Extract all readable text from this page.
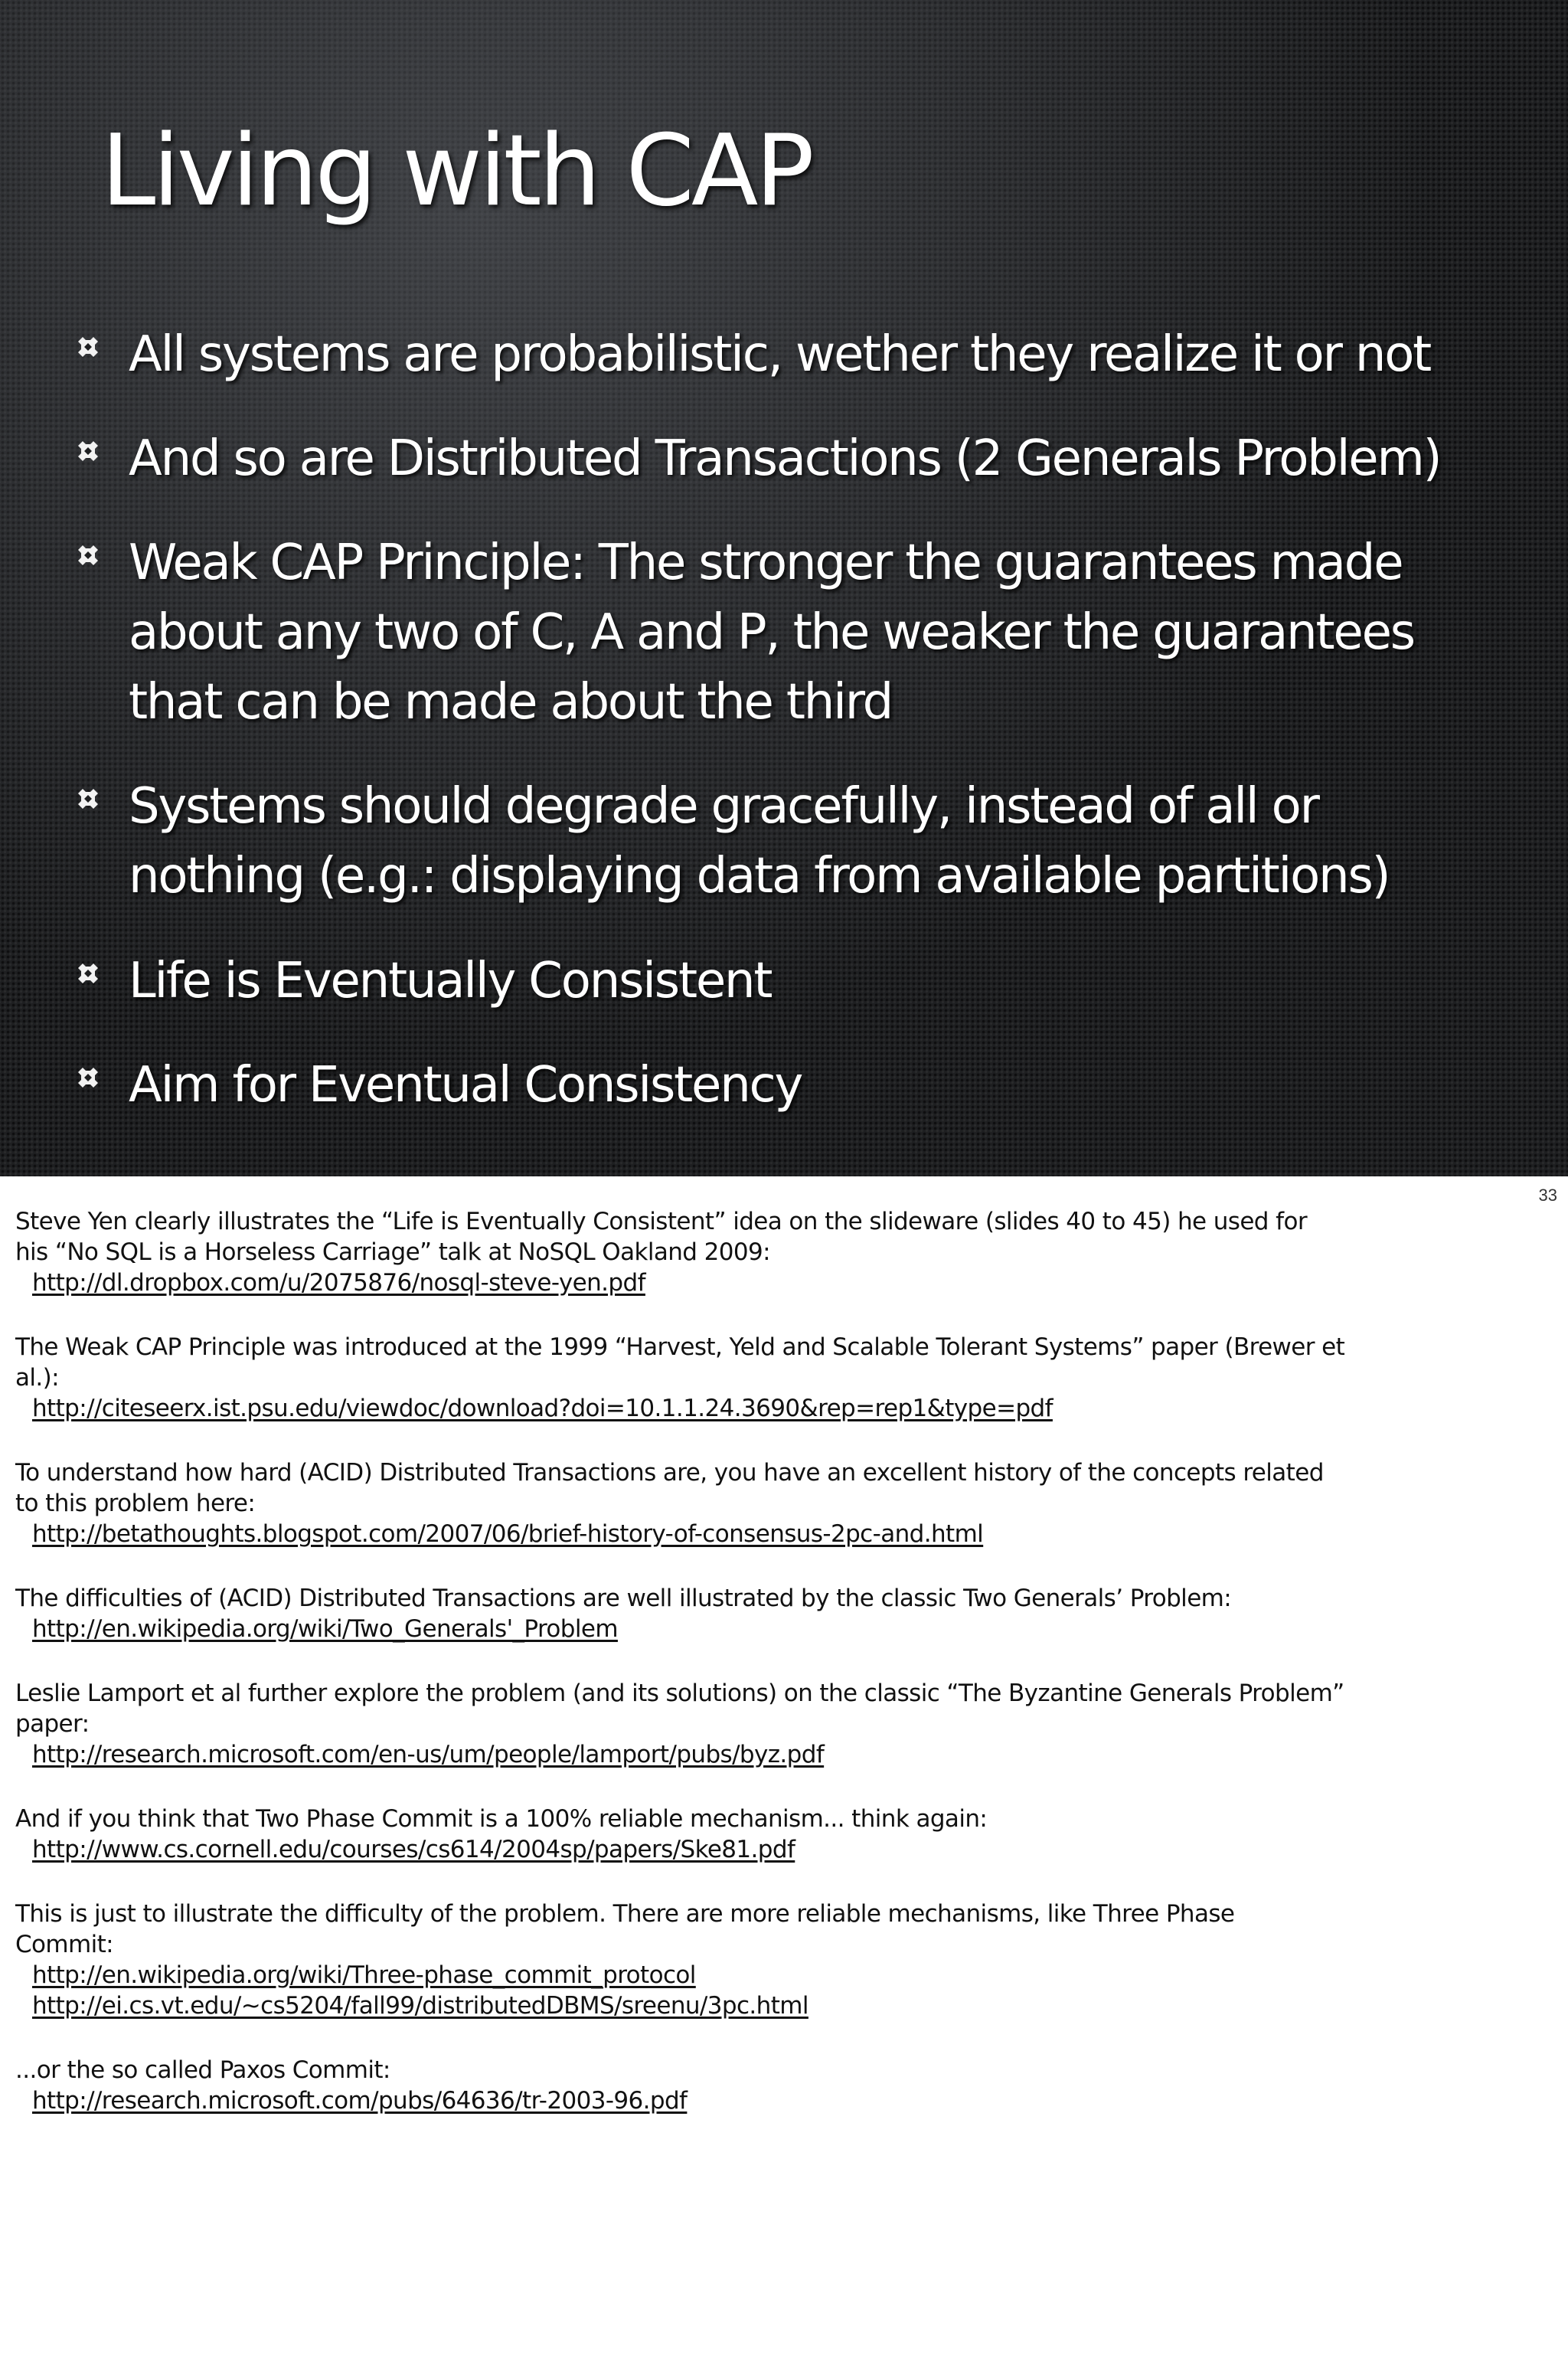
Living with CAP
All systems are probabilistic, wether they realize it or not
And so are Distributed Transactions (2 Generals Problem)
Weak CAP Principle: The stronger the guarantees made
about any two of C, A and P, the weaker the guarantees
that can be made about the third
Systems should degrade gracefully, instead of all or
nothing (e.g.: displaying data from available partitions)
Life is Eventually Consistent
Aim for Eventual Consistency
33
Steve Yen clearly illustrates the “Life is Eventually Consistent” idea on the slideware (slides 40 to 45) he used for
his “No SQL is a Horseless Carriage” talk at NoSQL Oakland 2009:
http://dl.dropbox.com/u/2075876/nosql-steve-yen.pdf
The Weak CAP Principle was introduced at the 1999 “Harvest, Yeld and Scalable Tolerant Systems” paper (Brewer et
al.):
http://citeseerx.ist.psu.edu/viewdoc/download?doi=10.1.1.24.3690&rep=rep1&type=pdf
To understand how hard (ACID) Distributed Transactions are, you have an excellent history of the concepts related
to this problem here:
http://betathoughts.blogspot.com/2007/06/brief-history-of-consensus-2pc-and.html
The difficulties of (ACID) Distributed Transactions are well illustrated by the classic Two Generals’ Problem:
http://en.wikipedia.org/wiki/Two_Generals'_Problem
Leslie Lamport et al further explore the problem (and its solutions) on the classic “The Byzantine Generals Problem”
paper:
http://research.microsoft.com/en-us/um/people/lamport/pubs/byz.pdf
And if you think that Two Phase Commit is a 100% reliable mechanism... think again:
http://www.cs.cornell.edu/courses/cs614/2004sp/papers/Ske81.pdf
This is just to illustrate the difficulty of the problem. There are more reliable mechanisms, like Three Phase
Commit:
http://en.wikipedia.org/wiki/Three-phase_commit_protocol
http://ei.cs.vt.edu/~cs5204/fall99/distributedDBMS/sreenu/3pc.html
...or the so called Paxos Commit:
http://research.microsoft.com/pubs/64636/tr-2003-96.pdf
